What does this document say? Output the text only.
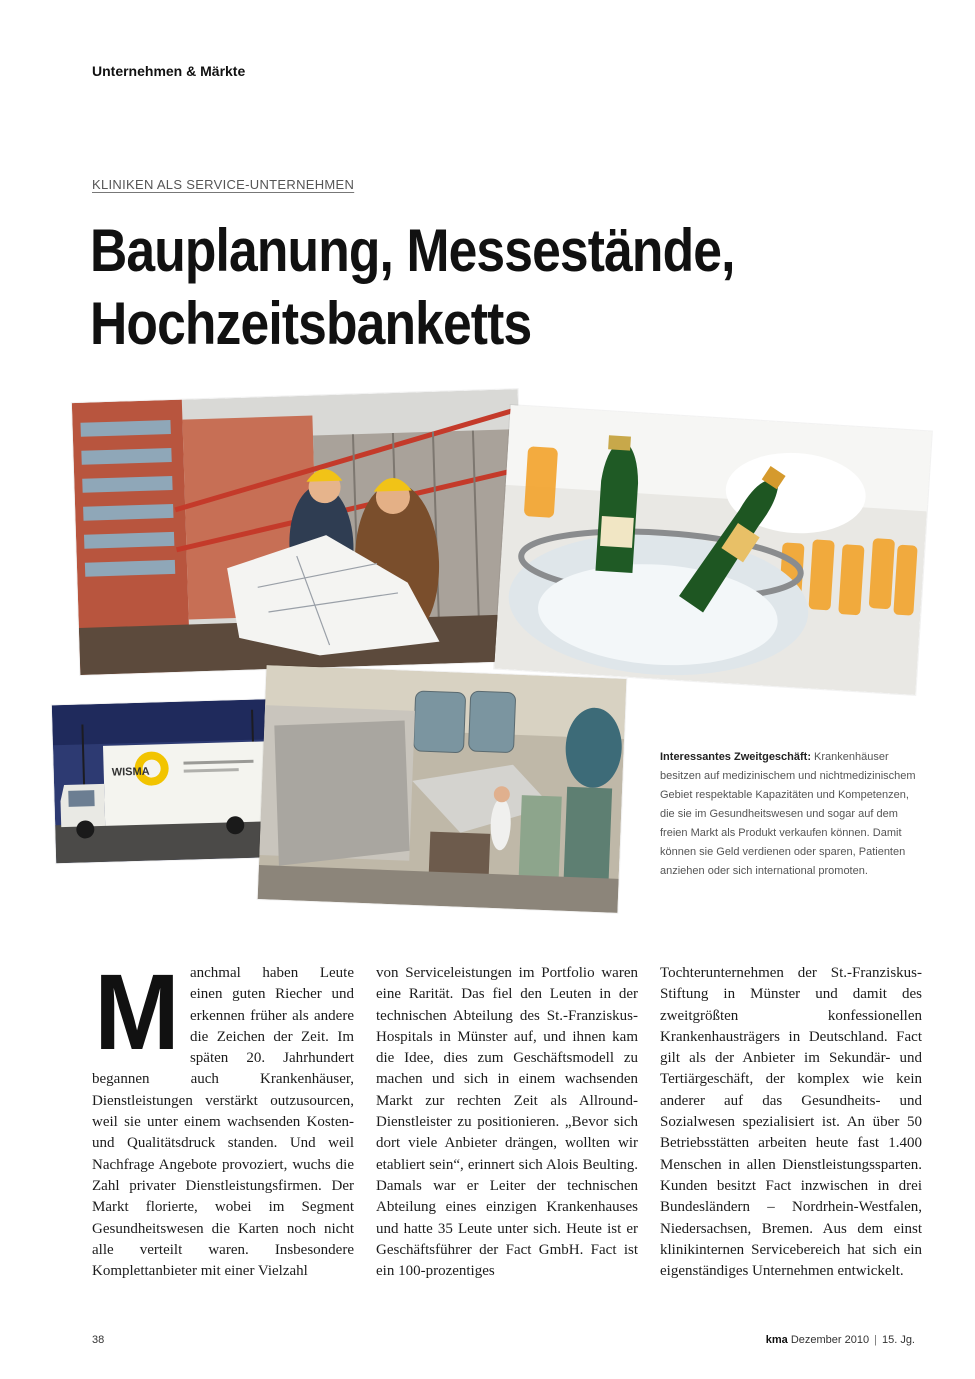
Unternehmen & Märkte
KLINIKEN ALS SERVICE-UNTERNEHMEN
Bauplanung, Messestände,
Hochzeitsbanketts
WISMA

Interessantes Zweitgeschäft: Krankenhäuser besitzen auf medizinischem und nichtmedizinischem Gebiet respektable Kapazitäten und Kompetenzen, die sie im Gesundheitswesen und sogar auf dem freien Markt als Produkt verkaufen können. Damit können sie Geld verdienen oder sparen, Patienten anziehen oder sich international promoten.

Manchmal haben Leute einen guten Riecher und erkennen früher als andere die Zeichen der Zeit. Im späten 20. Jahrhundert begannen auch Krankenhäuser, Dienstleistungen verstärkt outzusourcen, weil sie unter einem wachsenden Kosten- und Qualitätsdruck standen. Und weil Nachfrage Angebote provoziert, wuchs die Zahl privater Dienstleistungsfirmen. Der Markt florierte, wobei im Segment Gesundheitswesen die Karten noch nicht alle verteilt waren. Insbesondere Komplettanbieter mit einer Vielzahl

von Serviceleistungen im Portfolio waren eine Rarität. Das fiel den Leuten in der technischen Abteilung des St.-Franziskus-Hospitals in Münster auf, und ihnen kam die Idee, dies zum Geschäftsmodell zu machen und sich in einem wachsenden Markt zur rechten Zeit als Allround-Dienstleister zu positionieren. „Bevor sich dort viele Anbieter drängen, wollten wir etabliert sein“, erinnert sich Alois Beulting. Damals war er Leiter der technischen Abteilung eines einzigen Krankenhauses und hatte 35 Leute unter sich. Heute ist er Geschäftsführer der Fact GmbH. Fact ist ein 100-prozentiges

Tochterunternehmen der St.-Franziskus-Stiftung in Münster und damit des zweitgrößten konfessionellen Krankenhausträgers in Deutschland. Fact gilt als der Anbieter im Sekundär- und Tertiärgeschäft, der komplex wie kein anderer auf das Gesundheits- und Sozialwesen spezialisiert ist. An über 50 Betriebsstätten arbeiten heute fast 1.400 Menschen in allen Dienstleistungssparten. Kunden besitzt Fact inzwischen in drei Bundesländern – Nordrhein-Westfalen, Niedersachsen, Bremen. Aus dem einst klinikinternen Servicebereich hat sich ein eigenständiges Unternehmen entwickelt.

38	kma Dezember 2010 | 15. Jg.
